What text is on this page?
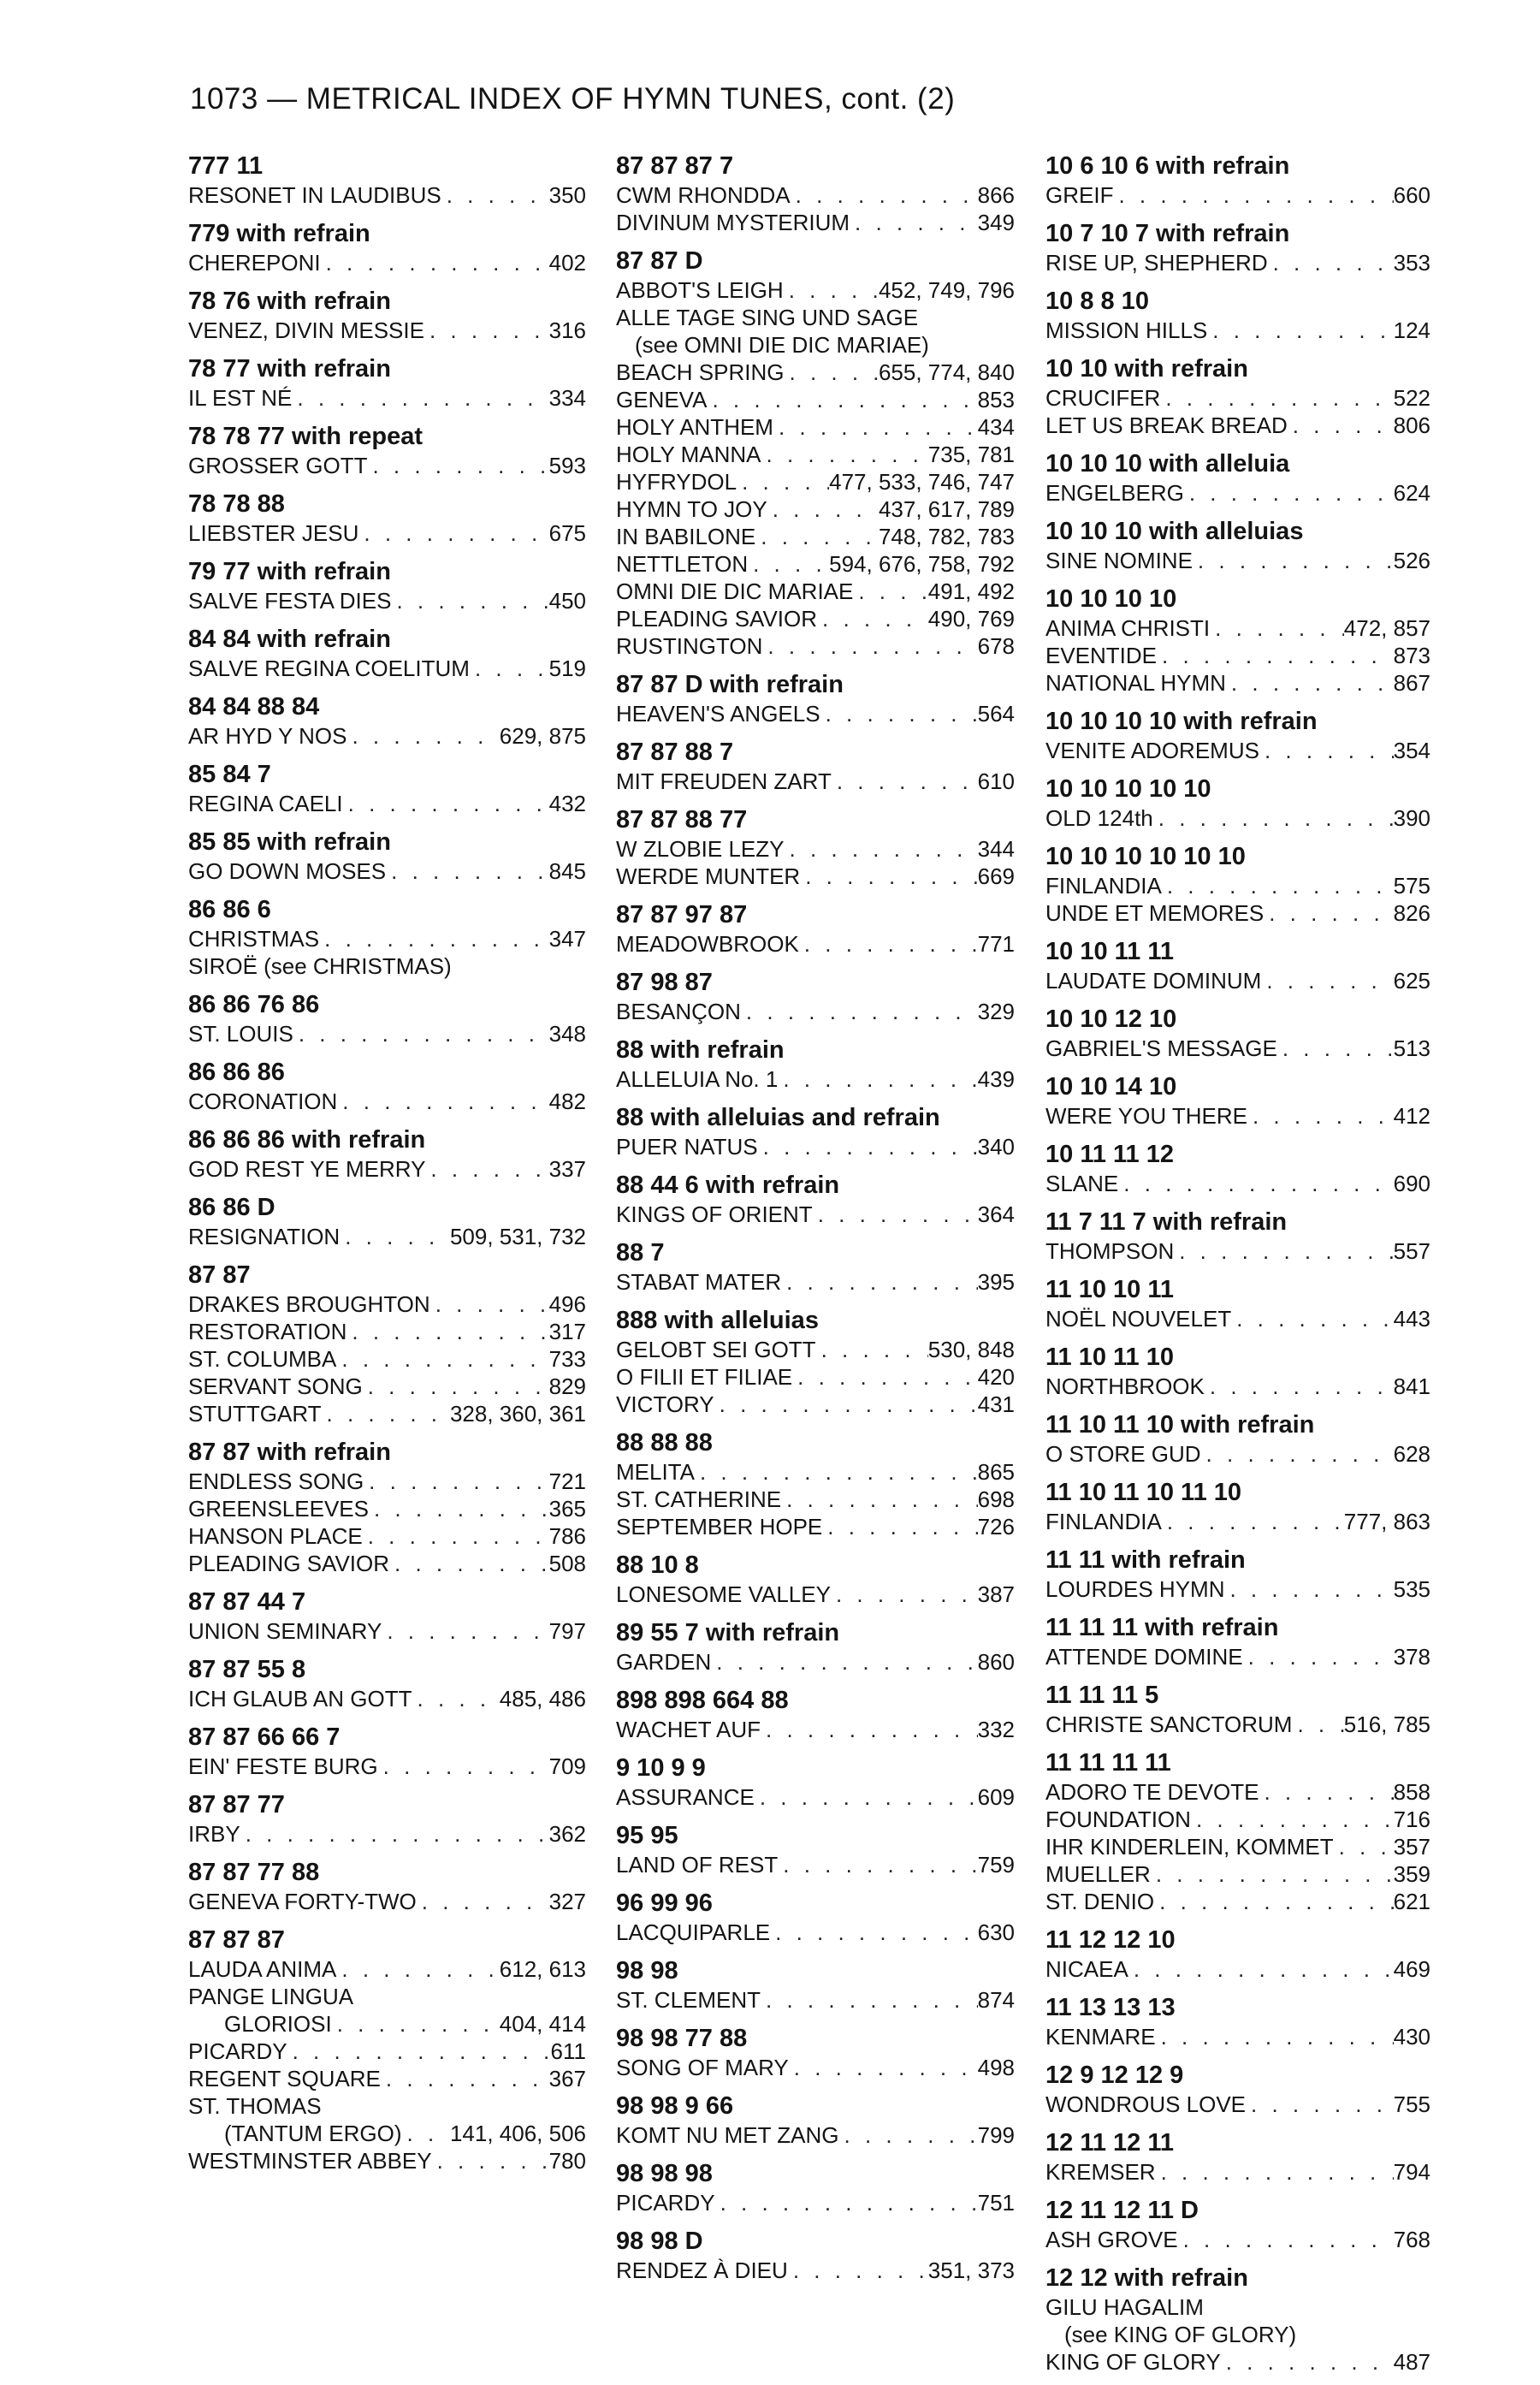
1073 — METRICAL INDEX OF HYMN TUNES, cont. (2)
777 11
RESONET IN LAUDIBUS . . .	350
779 with refrain
CHEREPONI . . .	402
78 76 with refrain
VENEZ, DIVIN MESSIE . . .	316
78 77 with refrain
IL EST NÉ . . .	334
78 78 77 with repeat
GROSSER GOTT . . .	593
78 78 88
LIEBSTER JESU . . .	675
79 77 with refrain
SALVE FESTA DIES . . .	450
84 84 with refrain
SALVE REGINA COELITUM . . .	519
84 84 88 84
AR HYD Y NOS . . .	629, 875
85 84 7
REGINA CAELI . . .	432
85 85 with refrain
GO DOWN MOSES . . .	845
86 86 6
CHRISTMAS . . .	347
SIROË (see CHRISTMAS)
86 86 76 86
ST. LOUIS . . .	348
86 86 86
CORONATION . . .	482
86 86 86 with refrain
GOD REST YE MERRY . . .	337
86 86 D
RESIGNATION . . .	509, 531, 732
87 87
DRAKES BROUGHTON . . .	496
RESTORATION . . .	317
ST. COLUMBA . . .	733
SERVANT SONG . . .	829
STUTTGART . . .	328, 360, 361
87 87 with refrain
ENDLESS SONG . . .	721
GREENSLEEVES . . .	365
HANSON PLACE . . .	786
PLEADING SAVIOR . . .	508
87 87 44 7
UNION SEMINARY . . .	797
87 87 55 8
ICH GLAUB AN GOTT . . .	485, 486
87 87 66 66 7
EIN' FESTE BURG . . .	709
87 87 77
IRBY . . .	362
87 87 77 88
GENEVA FORTY-TWO . . .	327
87 87 87
LAUDA ANIMA . . .	612, 613
PANGE LINGUA
GLORIOSI . . .	404, 414
PICARDY . . .	611
REGENT SQUARE . . .	367
ST. THOMAS
(TANTUM ERGO) . . . 141, 406, 506
WESTMINSTER ABBEY . . .	780
87 87 87 7
CWM RHONDDA . . .	866
DIVINUM MYSTERIUM . . .	349
87 87 D
ABBOT'S LEIGH . . .	452, 749, 796
ALLE TAGE SING UND SAGE
(see OMNI DIE DIC MARIAE)
BEACH SPRING . . .	655, 774, 840
GENEVA . . .	853
HOLY ANTHEM . . .	434
HOLY MANNA . . .	735, 781
HYFRYDOL . . .	477, 533, 746, 747
HYMN TO JOY . . .	437, 617, 789
IN BABILONE . . .	748, 782, 783
NETTLETON . . .	594, 676, 758, 792
OMNI DIE DIC MARIAE . . .	491, 492
PLEADING SAVIOR . . .	490, 769
RUSTINGTON . . .	678
87 87 D with refrain
HEAVEN'S ANGELS . . .	564
87 87 88 7
MIT FREUDEN ZART . . .	610
87 87 88 77
W ZLOBIE LEZY . . .	344
WERDE MUNTER . . .	669
87 87 97 87
MEADOWBROOK . . .	771
87 98 87
BESANÇON . . .	329
88 with refrain
ALLELUIA No. 1 . . .	439
88 with alleluias and refrain
PUER NATUS . . .	340
88 44 6 with refrain
KINGS OF ORIENT . . .	364
88 7
STABAT MATER . . .	395
888 with alleluias
GELOBT SEI GOTT . . .	530, 848
O FILII ET FILIAE . . .	420
VICTORY . . .	431
88 88 88
MELITA . . .	865
ST. CATHERINE . . .	698
SEPTEMBER HOPE . . .	726
88 10 8
LONESOME VALLEY . . .	387
89 55 7 with refrain
GARDEN . . .	860
898 898 664 88
WACHET AUF . . .	332
9 10 9 9
ASSURANCE . . .	609
95 95
LAND OF REST . . .	759
96 99 96
LACQUIPARLE . . .	630
98 98
ST. CLEMENT . . .	874
98 98 77 88
SONG OF MARY . . .	498
98 98 9 66
KOMT NU MET ZANG . . .	799
98 98 98
PICARDY . . .	751
98 98 D
RENDEZ À DIEU . . .	351, 373
10 6 10 6 with refrain
GREIF . . .	660
10 7 10 7 with refrain
RISE UP, SHEPHERD . . .	353
10 8 8 10
MISSION HILLS . . .	124
10 10 with refrain
CRUCIFER . . .	522
LET US BREAK BREAD . . .	806
10 10 10 with alleluia
ENGELBERG . . .	624
10 10 10 with alleluias
SINE NOMINE . . .	526
10 10 10 10
ANIMA CHRISTI . . .	472, 857
EVENTIDE . . .	873
NATIONAL HYMN . . .	867
10 10 10 10 with refrain
VENITE ADOREMUS . . .	354
10 10 10 10 10
OLD 124th . . .	390
10 10 10 10 10 10
FINLANDIA . . .	575
UNDE ET MEMORES . . .	826
10 10 11 11
LAUDATE DOMINUM . . .	625
10 10 12 10
GABRIEL'S MESSAGE . . .	513
10 10 14 10
WERE YOU THERE . . .	412
10 11 11 12
SLANE . . .	690
11 7 11 7 with refrain
THOMPSON . . .	557
11 10 10 11
NOËL NOUVELET . . .	443
11 10 11 10
NORTHBROOK . . .	841
11 10 11 10 with refrain
O STORE GUD . . .	628
11 10 11 10 11 10
FINLANDIA . . .	777, 863
11 11 with refrain
LOURDES HYMN . . .	535
11 11 11 with refrain
ATTENDE DOMINE . . .	378
11 11 11 5
CHRISTE SANCTORUM . . . 516, 785
11 11 11 11
ADORO TE DEVOTE . . .	858
FOUNDATION . . .	716
IHR KINDERLEIN, KOMMET . . .	357
MUELLER . . .	359
ST. DENIO . . .	621
11 12 12 10
NICAEA . . .	469
11 13 13 13
KENMARE . . .	430
12 9 12 12 9
WONDROUS LOVE . . .	755
12 11 12 11
KREMSER . . .	794
12 11 12 11 D
ASH GROVE . . .	768
12 12 with refrain
GILU HAGALIM
(see KING OF GLORY)
KING OF GLORY . . .	487
